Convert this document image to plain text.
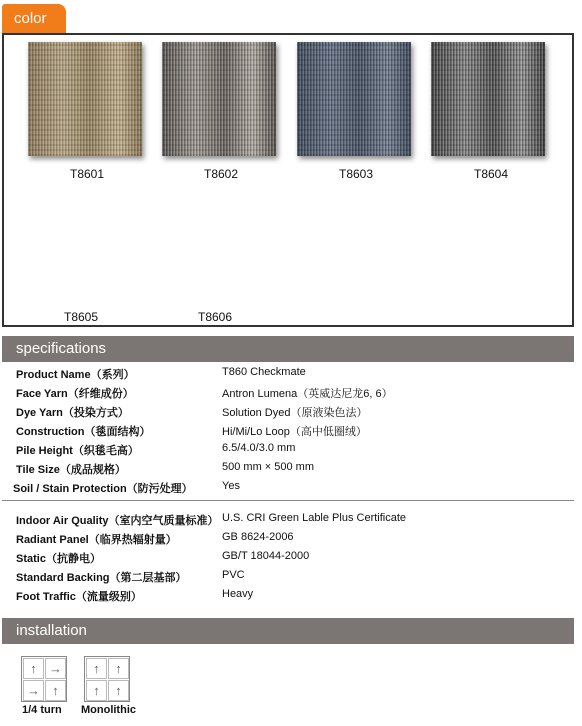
color
T8601	T8602	T8603	T8604
T8605	T8606
specifications
Product Name（系列）	T860 Checkmate
Face Yarn（纤维成份）	Antron Lumena（英威达尼龙6, 6）
Dye Yarn（投染方式）	Solution Dyed（原液染色法）
Construction（毯面结构）	Hi/Mi/Lo Loop（高中低圈绒）
Pile Height（织毯毛高）	6.5/4.0/3.0 mm
Tile Size（成品规格）	500 mm × 500 mm
Soil / Stain Protection（防污处理）	Yes
Indoor Air Quality（室内空气质量标准） U.S. CRI Green Lable Plus Certificate
Radiant Panel（临界热辐射量）	GB 8624-2006
Static（抗静电）	GB/T 18044-2000
Standard Backing（第二层基部）	PVC
Foot Traffic（流量级别）	Heavy
installation
↑ →
→ ↑
1/4 turn
↑	↑
↑	↑
Monolithic
